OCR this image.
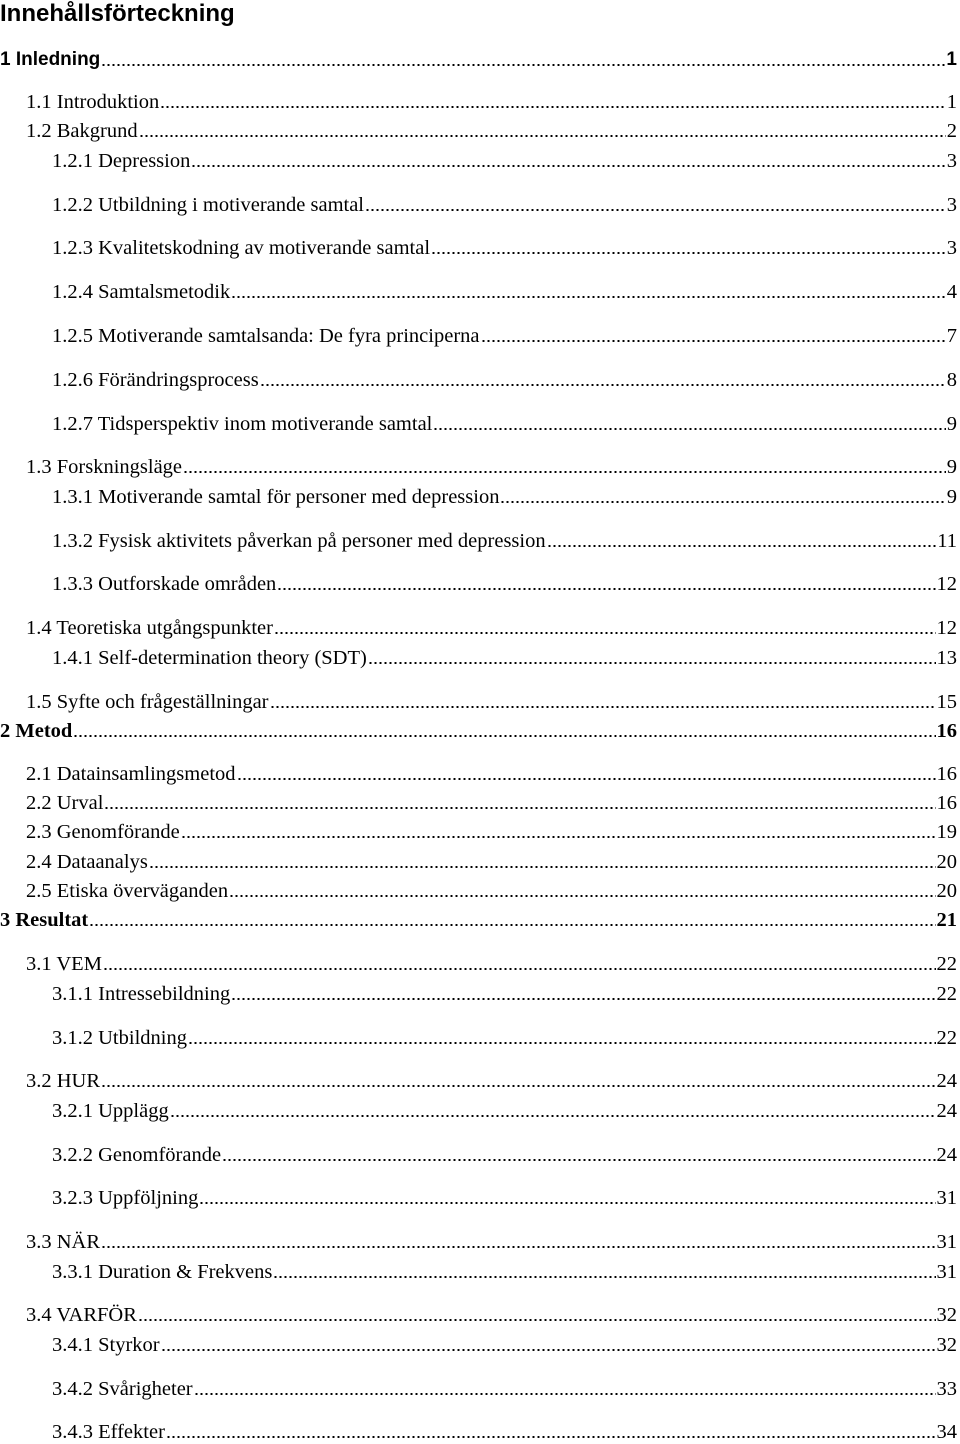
Innehållsförteckning
1 Inledning	1
1.1 Introduktion	1
1.2 Bakgrund	2
1.2.1 Depression	3
1.2.2 Utbildning i motiverande samtal	3
1.2.3 Kvalitetskodning av motiverande samtal	3
1.2.4 Samtalsmetodik	4
1.2.5 Motiverande samtalsanda: De fyra principerna	7
1.2.6 Förändringsprocess	8
1.2.7 Tidsperspektiv inom motiverande samtal	9
1.3 Forskningsläge	9
1.3.1 Motiverande samtal för personer med depression	9
1.3.2 Fysisk aktivitets påverkan på personer med depression	11
1.3.3 Outforskade områden	12
1.4 Teoretiska utgångspunkter	12
1.4.1 Self-determination theory (SDT)	13
1.5 Syfte och frågeställningar	15
2 Metod	16
2.1 Datainsamlingsmetod	16
2.2 Urval	16
2.3 Genomförande	19
2.4 Dataanalys	20
2.5 Etiska överväganden	20
3 Resultat	21
3.1 VEM	22
3.1.1 Intressebildning	22
3.1.2 Utbildning	22
3.2 HUR	24
3.2.1 Upplägg	24
3.2.2 Genomförande	24
3.2.3 Uppföljning	31
3.3 NÄR	31
3.3.1 Duration & Frekvens	31
3.4 VARFÖR	32
3.4.1 Styrkor	32
3.4.2 Svårigheter	33
3.4.3 Effekter	34
